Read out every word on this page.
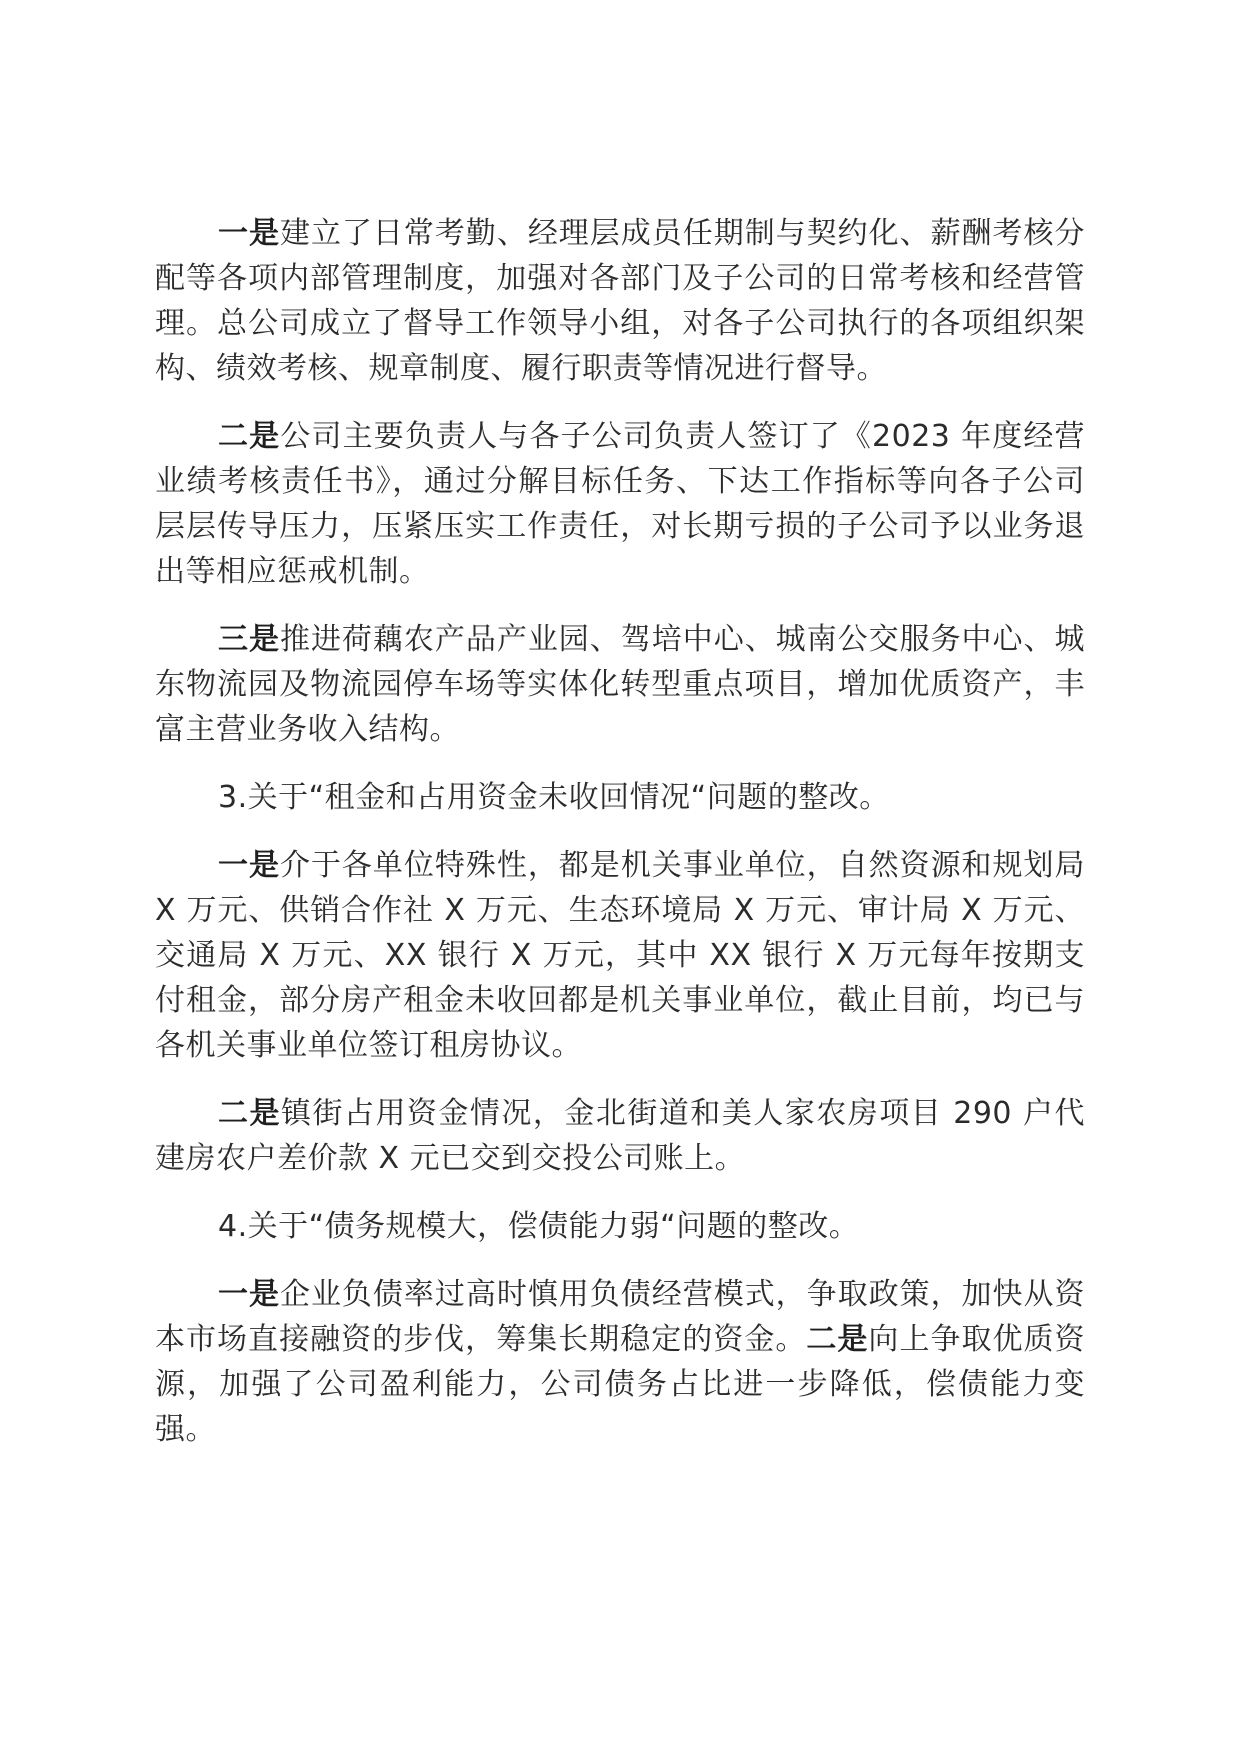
一是建立了日常考勤、经理层成员任期制与契约化、薪酬考核分配等各项内部管理制度，加强对各部门及子公司的日常考核和经营管理。总公司成立了督导工作领导小组，对各子公司执行的各项组织架构、绩效考核、规章制度、履行职责等情况进行督导。

二是公司主要负责人与各子公司负责人签订了《2023 年度经营业绩考核责任书》，通过分解目标任务、下达工作指标等向各子公司层层传导压力，压紧压实工作责任，对长期亏损的子公司予以业务退出等相应惩戒机制。

三是推进荷藕农产品产业园、驾培中心、城南公交服务中心、城东物流园及物流园停车场等实体化转型重点项目，增加优质资产，丰富主营业务收入结构。

3.关于“租金和占用资金未收回情况“问题的整改。

一是介于各单位特殊性，都是机关事业单位，自然资源和规划局 X 万元、供销合作社 X 万元、生态环境局 X 万元、审计局 X 万元、交通局 X 万元、XX 银行 X 万元，其中 XX 银行 X 万元每年按期支付租金，部分房产租金未收回都是机关事业单位，截止目前，均已与各机关事业单位签订租房协议。

二是镇街占用资金情况，金北街道和美人家农房项目 290 户代建房农户差价款 X 元已交到交投公司账上。

4.关于“债务规模大，偿债能力弱“问题的整改。

一是企业负债率过高时慎用负债经营模式，争取政策，加快从资本市场直接融资的步伐，筹集长期稳定的资金。二是向上争取优质资源，加强了公司盈利能力，公司债务占比进一步降低，偿债能力变强。
